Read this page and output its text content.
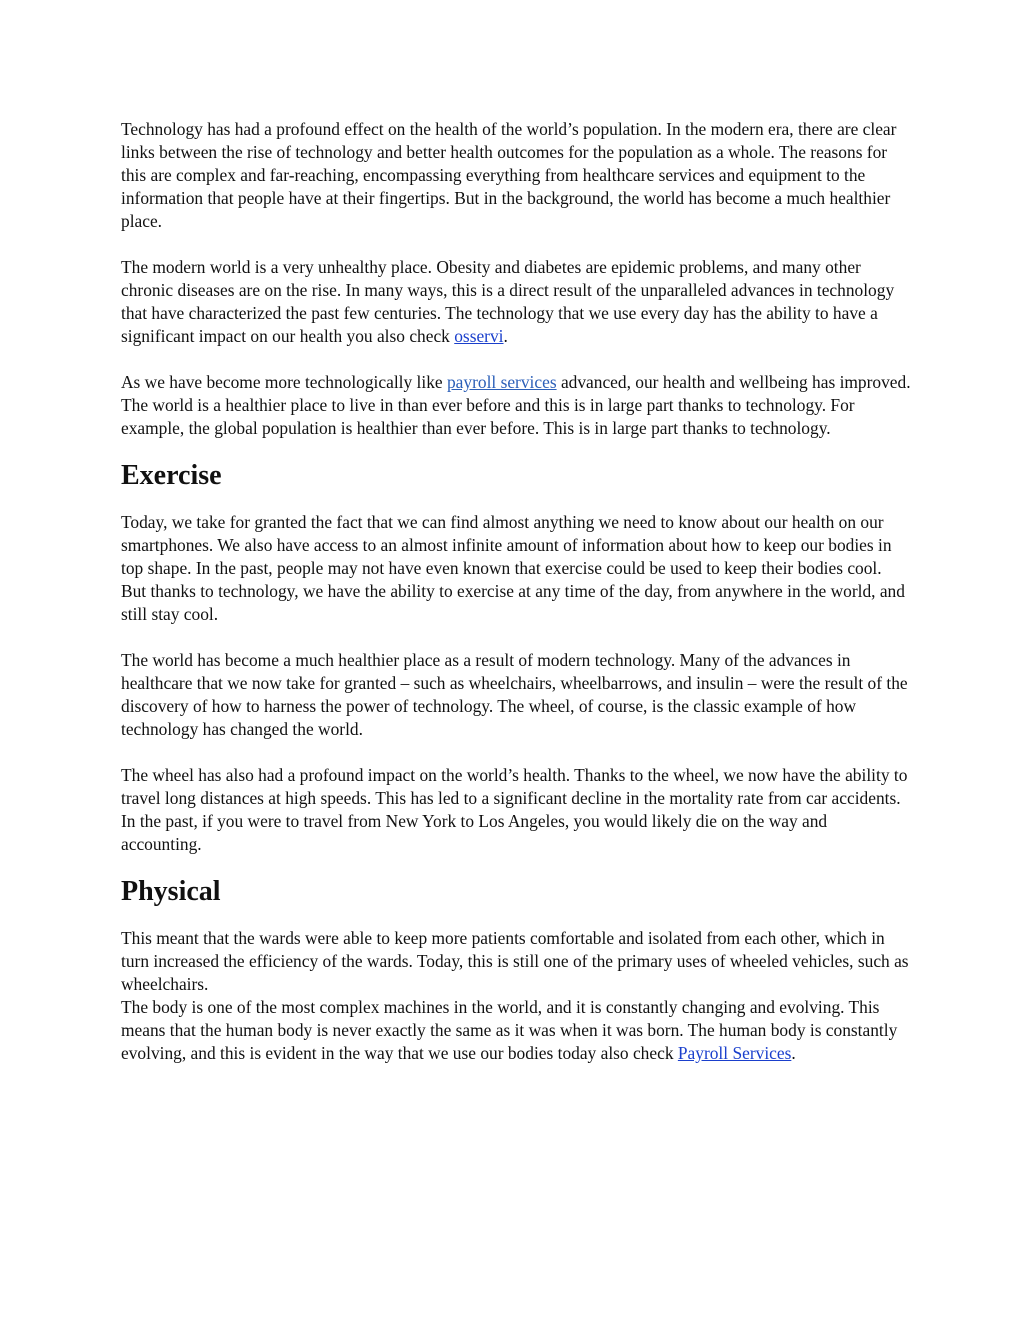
Technology has had a profound effect on the health of the world’s population. In the modern era, there are clear links between the rise of technology and better health outcomes for the population as a whole. The reasons for this are complex and far-reaching, encompassing everything from healthcare services and equipment to the information that people have at their fingertips. But in the background, the world has become a much healthier place.

The modern world is a very unhealthy place. Obesity and diabetes are epidemic problems, and many other chronic diseases are on the rise. In many ways, this is a direct result of the unparalleled advances in technology that have characterized the past few centuries. The technology that we use every day has the ability to have a significant impact on our health you also check osservi.

As we have become more technologically like payroll services advanced, our health and wellbeing has improved. The world is a healthier place to live in than ever before and this is in large part thanks to technology. For example, the global population is healthier than ever before. This is in large part thanks to technology.

Exercise

Today, we take for granted the fact that we can find almost anything we need to know about our health on our smartphones. We also have access to an almost infinite amount of information about how to keep our bodies in top shape. In the past, people may not have even known that exercise could be used to keep their bodies cool. But thanks to technology, we have the ability to exercise at any time of the day, from anywhere in the world, and still stay cool.

The world has become a much healthier place as a result of modern technology. Many of the advances in healthcare that we now take for granted – such as wheelchairs, wheelbarrows, and insulin – were the result of the discovery of how to harness the power of technology. The wheel, of course, is the classic example of how technology has changed the world.

The wheel has also had a profound impact on the world’s health. Thanks to the wheel, we now have the ability to travel long distances at high speeds. This has led to a significant decline in the mortality rate from car accidents. In the past, if you were to travel from New York to Los Angeles, you would likely die on the way and accounting.

Physical

This meant that the wards were able to keep more patients comfortable and isolated from each other, which in turn increased the efficiency of the wards. Today, this is still one of the primary uses of wheeled vehicles, such as wheelchairs.

The body is one of the most complex machines in the world, and it is constantly changing and evolving. This means that the human body is never exactly the same as it was when it was born. The human body is constantly evolving, and this is evident in the way that we use our bodies today also check Payroll Services.
